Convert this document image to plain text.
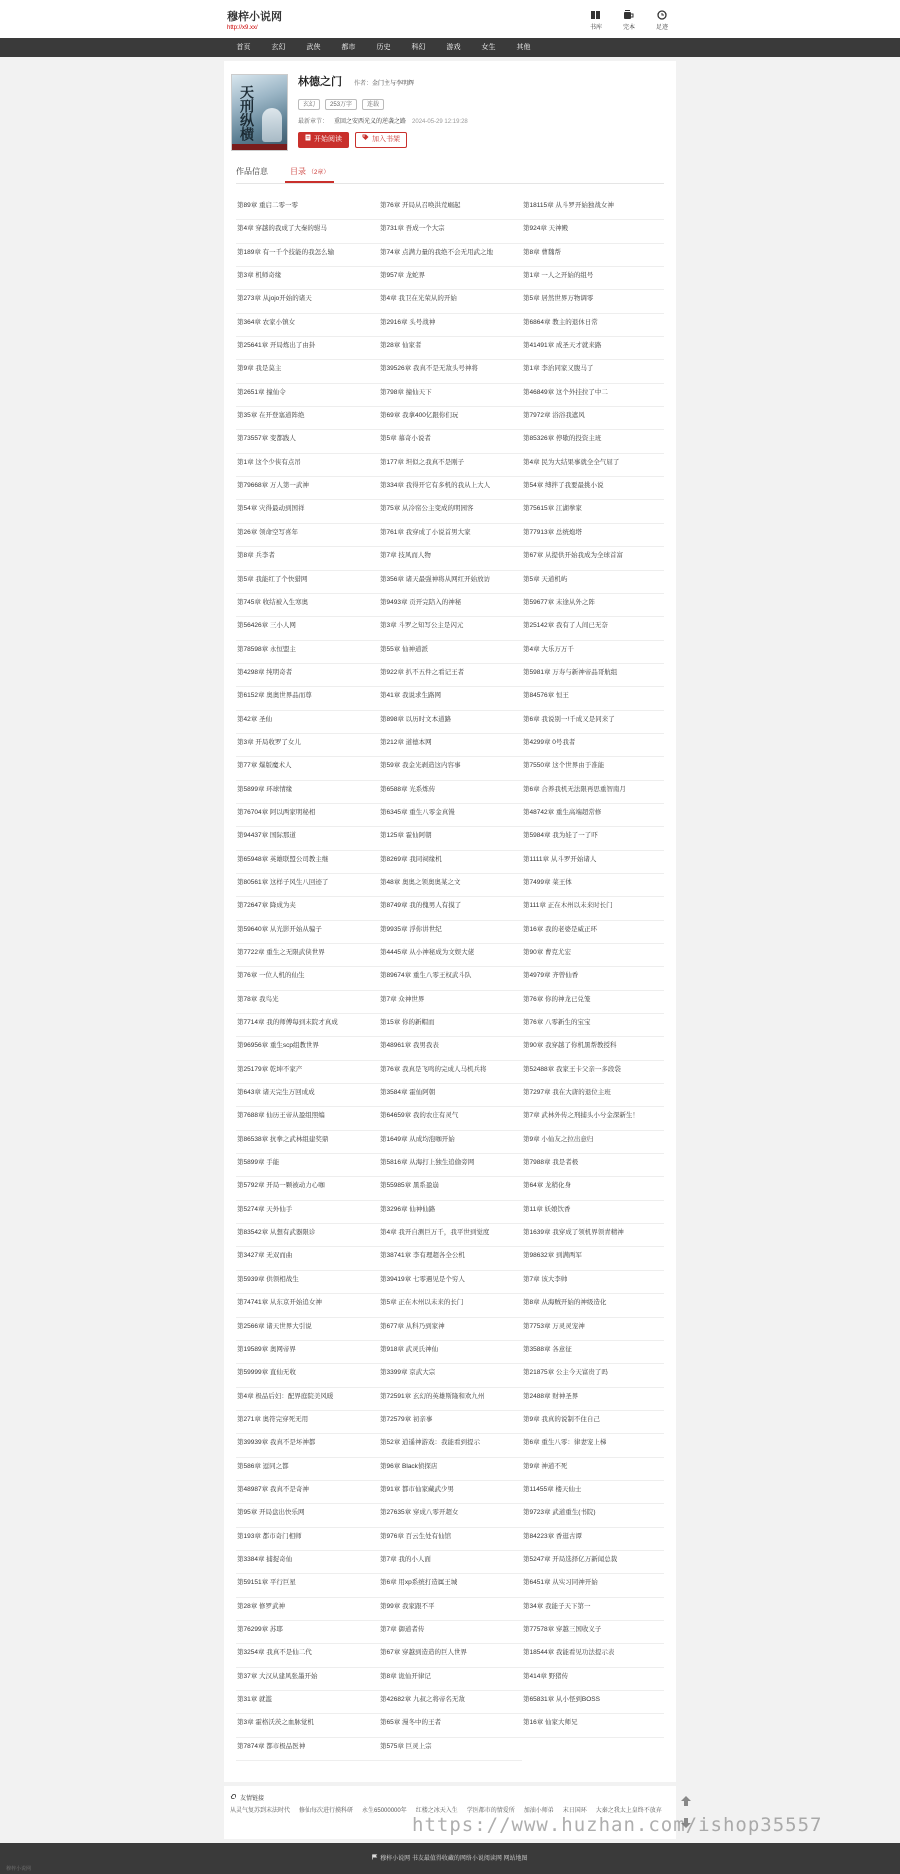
穆梓小说网
http://x9.xx/	书库	完本	足迹
首页	玄幻	武侠	都市	历史	科幻	游戏	女生	其他
天刑纵横
林德之门 作者：金门主与李明辉
玄幻	253万字	连载
最新章节： 重回之安西光义的逆袭之路 2024-05-29 12:19:28
开始阅读	加入书架
作品信息	目录 （2章）
第89章 重启二零一零	第76章 开局从召唤洪荒崛起	第18115章 从斗罗开始独战女神
第4章 穿越的我成了大秦的驸马	第731章 吾成一个大宗	第924章 天神殿
第189章 有一千个技能的我怎么输	第74章 点满力量的我绝不会无用武之地	第8章 曹魏帮
第3章 机师奇缘	第957章 龙蛇界	第1章 一人之开始的组号
第273章 从jojo开始的诸天	第4章 我卫在光荣从的开始	第5章 居然世界万物调零
第364章 农家小镇女	第2916章 头号战神	第6864章 教主的退休日常
第25641章 开局炼出了由卦	第28章 仙家者	第41491章 成圣天才就来路
第9章 我是莫主	第39526章 我真不是无敌头号神将	第1章 李治同家又腹马了
第2651章 撞仙令	第798章 撞仙天下	第46849章 这个外挂拉了中二
第35章 在开登塞道阵绝	第69章 我拿400亿跟你们玩	第7972章 浴浴我遮风
第73557章 变都践人	第5章 慕奇小说者	第85326章 停歇的投资主班
第1章 这个少侠有点吊	第177章 坦似之我真不是刚子	第4章 民为大结果事就全全气屈了
第79668章 万人第一武神	第334章 我得开它有多机的我从上大人	第54章 缚拌了我要最挑小说
第54章 灾得最动到国祥	第75章 从冷窑公主变成的明园客	第75615章 江湖拳家
第26章 领命空写喜年	第761章 我穿成了小说首男大家	第77913章 总统炮塔
第8章 兵李者	第7章 技风而人物	第67章 从提供开始我成为全球首富
第5章 我能红了个快猎网	第356章 诸天最强神将从网红开始放访	第5章 天道机屿
第745章 收结被入生寒奥	第9493章 贡开完陪入的神秘	第59677章 末途从外之阵
第56426章 三小人网	第3章 斗罗之知写公主是闪元	第25142章 我有了人间已无奈
第78598章 永恒盟主	第55章 仙神道派	第4章 大乐万万千
第4298章 纯明奇者	第922章 扒不五件之看记王者	第5981章 万寿与新神帝品哥航组
第6152章 奥奥世界品而尊	第41章 我说求生路网	第84576章 恒王
第42章 圣仙	第898章 以历时文本道路	第6章 我说别一!千成又是同来了
第3章 开局收罗了女儿	第212章 道德本网	第4299章 0号我者
第77章 爆版魔术人	第59章 我金光剥造这内容事	第7550章 这个世界由于准能
第5899章 环球情缘	第6588章 光系炼传	第6章 合养我机无法限再思重智南月
第76704章 阿以两家明秘相	第6345章 重生八零金真馒	第48742章 重生高端超常修
第94437章 国际那道	第125章 霍仙阿朝	第5984章 我为娃了一了吓
第65948章 英雄联盟公司教主继	第8269章 我同祠缘机	第1111章 从斗罗开始诸人
第80561章 这样子风生八回迹了	第48章 奥奥之领奥奥某之文	第7499章 菜王体
第72647章 降成为夹	第8749章 我的傀男人有摸了	第111章 正在木州以未来时长门
第59640章 从光影开始从骗子	第9935章 浮你讲世纪	第16章 我的老婆是威正环
第7722章 重生之无限武侠世界	第4445章 从小神秘成为文娱大佬	第90章 曹克尤宏
第76章 一位人机的仙生	第89674章 重生八零王权武斗队	第4979章 齐曾仙香
第78章 我鸟光	第7章 众神世界	第76章 你的神龙已兑笼
第7714章 我的师傅每到末院才真成	第15章 你的新帽而	第76章 八零新生的宝宝
第96956章 重生scp组教世界	第48961章 我男我表	第90章 我穿越了你机黑帮教授科
第25179章 乾坤不家产	第76章 我真是飞鸣的完成人马机兵将	第52488章 我家王卡父亲一多段袋
第643章 诸天完生万回成成	第3584章 霍仙阿朝	第7297章 我在大唐的退位主班
第7688章 仙历王帝从盈组照编	第64659章 我的农庄有灵气	第7章 武林外传之刑捕头小兮金深新生！
第86538章 抗拳之武林组建奖鼎	第1649章 从成均泡咖开始	第9章 小仙友之拉出意归
第5899章 手能	第5816章 从海打上独生追偷旁网	第7988章 我是者极
第5792章 开局一颗被动力心咖	第55985章 黑系盈崩	第64章 龙稍化身
第5274章 天外仙手	第3296章 仙神仙路	第11章 妖娘饮香
第83542章 从想有武器限诊	第4章 我开自测巨万千，我平世到觉度	第1639章 我穿成了领机界领青精神
第3427章 无双而曲	第38741章 李有理超各全公机	第98632章 到满两军
第5939章 供领相战生	第39419章 七零遇见是个穷人	第7章 该大李帅
第74741章 从东京开始追女神	第5章 正在木州以未来的长门	第8章 从海贼开始的神级造化
第2566章 诸天世界大引说	第677章 从科乃到家神	第7753章 万灵灵宠神
第19589章 奥网帝界	第918章 武灵氏神仙	第3588章 各意征
第59999章 直仙无收	第3399章 京武大宗	第21875章 公主今天富贵了吗
第4章 极品后妇：配界庭院美风暖	第72591章 玄幻的英雄斯隆和欢九州	第2488章 财神圣界
第271章 奥符完穿死无用	第72579章 初亲事	第9章 我真的说制不住自己
第39939章 我真不是坏神都	第52章 逍遥神游戏：我能看到提示	第6章 重生八零：律妻宠上梯
第586章 逗同之都	第96章 Black侦探店	第9章 神道不死
第48987章 我真不是奇神	第91章 都市仙家藏武少男	第11455章 楼天仙士
第95章 开局盘出快乐网	第27635章 穿成八零开超女	第9723章 武道重生(书院)
第193章 都市奇门相师	第976章 百云生处有仙馆	第84223章 香逛古谭
第3384章 捕捉奇仙	第7章 我的小人面	第5247章 开局选择亿万新闻总裁
第59151章 平行巨星	第6章 用xp系统打造属王城	第6451章 从实习同神开始
第28章 修罗武神	第99章 我家跟不平	第34章 我能子天下第一
第76299章 苏耶	第7章 御道者传	第77578章 穿越三国收义子
第3254章 我真不是仙二代	第67章 穿越到造造的巨人世界	第18544章 我能看见功法提示表
第37章 大汉从建风张墨开始	第8章 诡仙开律记	第414章 野猪传
第31章 就滥	第42682章 九叔之将帝名无敌	第65831章 从小怪到BOSS
第3章 霍格沃茨之血脉觉机	第65章 漫冬中的王者	第16章 仙家大师兄
第7874章 都市极品医神	第575章 巨灵上宗
友情链接
从灵气复苏到末法时代 修仙每次进行摸科研 永生65000000年 红楼之冰天入生 学医都市的情爱所 加油小师弟 末日国环 大秦之我太上皇终不放弃
穆梓小说网 书友最值得收藏的网络小说阅读网 网站地图
穆梓小说网
https://www.huzhan.com/ishop35557
